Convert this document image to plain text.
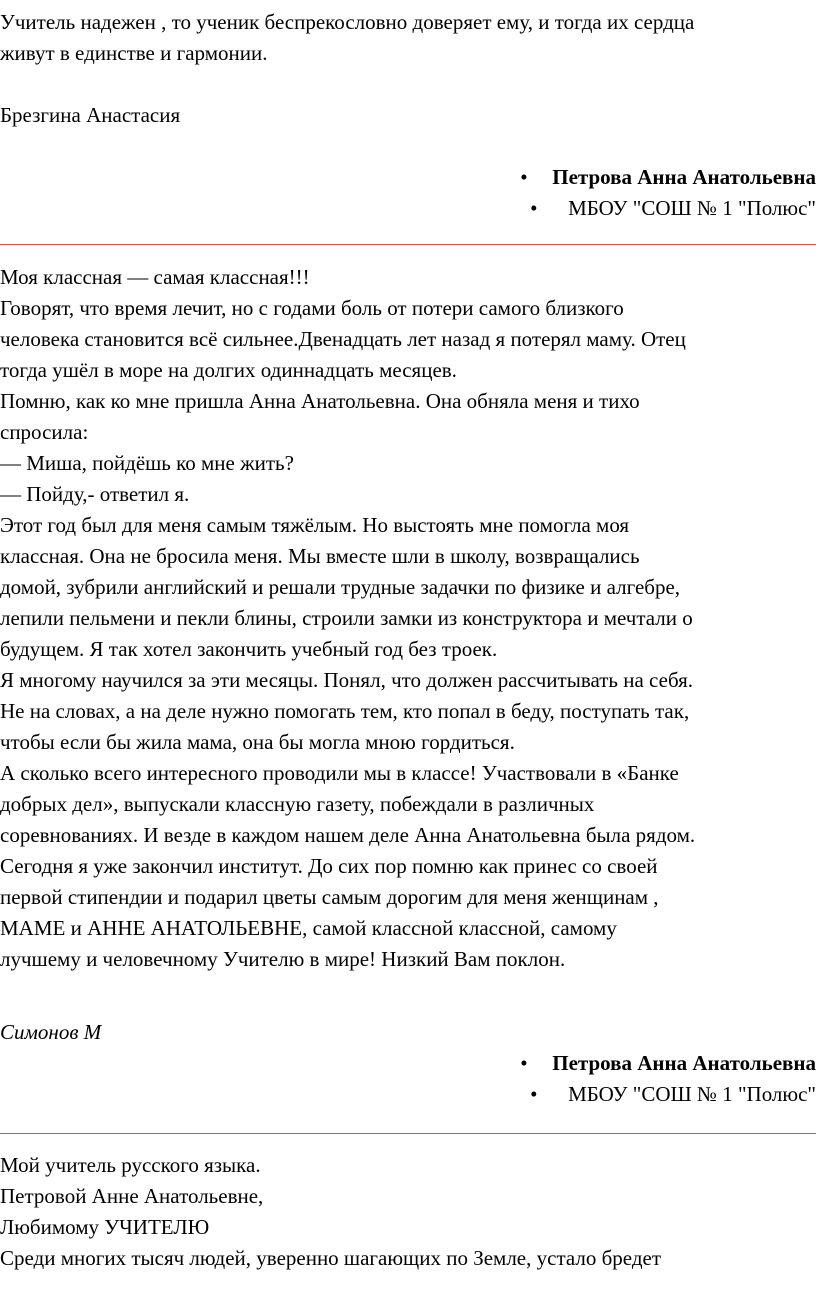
Учитель надежен , то ученик беспрекословно доверяет ему, и тогда их сердца
живут в единстве и гармонии.
Брезгина Анастасия
• Петрова Анна Анатольевна
• МБОУ "СОШ № 1 "Полюс"
Моя классная — самая классная!!!
Говорят, что время лечит, но с годами боль от потери самого близкого
человека становится всё сильнее.Двенадцать лет назад я потерял маму. Отец
тогда ушёл в море на долгих одиннадцать месяцев.
Помню, как ко мне пришла Анна Анатольевна. Она обняла меня и тихо
спросила:
— Миша, пойдёшь ко мне жить?
— Пойду,- ответил я.
Этот год был для меня самым тяжёлым. Но выстоять мне помогла моя
классная. Она не бросила меня. Мы вместе шли в школу, возвращались
домой, зубрили английский и решали трудные задачки по физике и алгебре,
лепили пельмени и пекли блины, строили замки из конструктора и мечтали о
будущем. Я так хотел закончить учебный год без троек.
Я многому научился за эти месяцы. Понял, что должен рассчитывать на себя.
Не на словах, а на деле нужно помогать тем, кто попал в беду, поступать так,
чтобы если бы жила мама, она бы могла мною гордиться.
А сколько всего интересного проводили мы в классе! Участвовали в «Банке
добрых дел», выпускали классную газету, побеждали в различных
соревнованиях. И везде в каждом нашем деле Анна Анатольевна была рядом.
Сегодня я уже закончил институт. До сих пор помню как принес со своей
первой стипендии и подарил цветы самым дорогим для меня женщинам ,
МАМЕ и АННЕ АНАТОЛЬЕВНЕ, самой классной классной, самому
лучшему и человечному Учителю в мире! Низкий Вам поклон.
Симонов М
• Петрова Анна Анатольевна
• МБОУ "СОШ № 1 "Полюс"
Мой учитель русского языка.
Петровой Анне Анатольевне,
Любимому УЧИТЕЛЮ
Среди многих тысяч людей, уверенно шагающих по Земле, устало бредет
